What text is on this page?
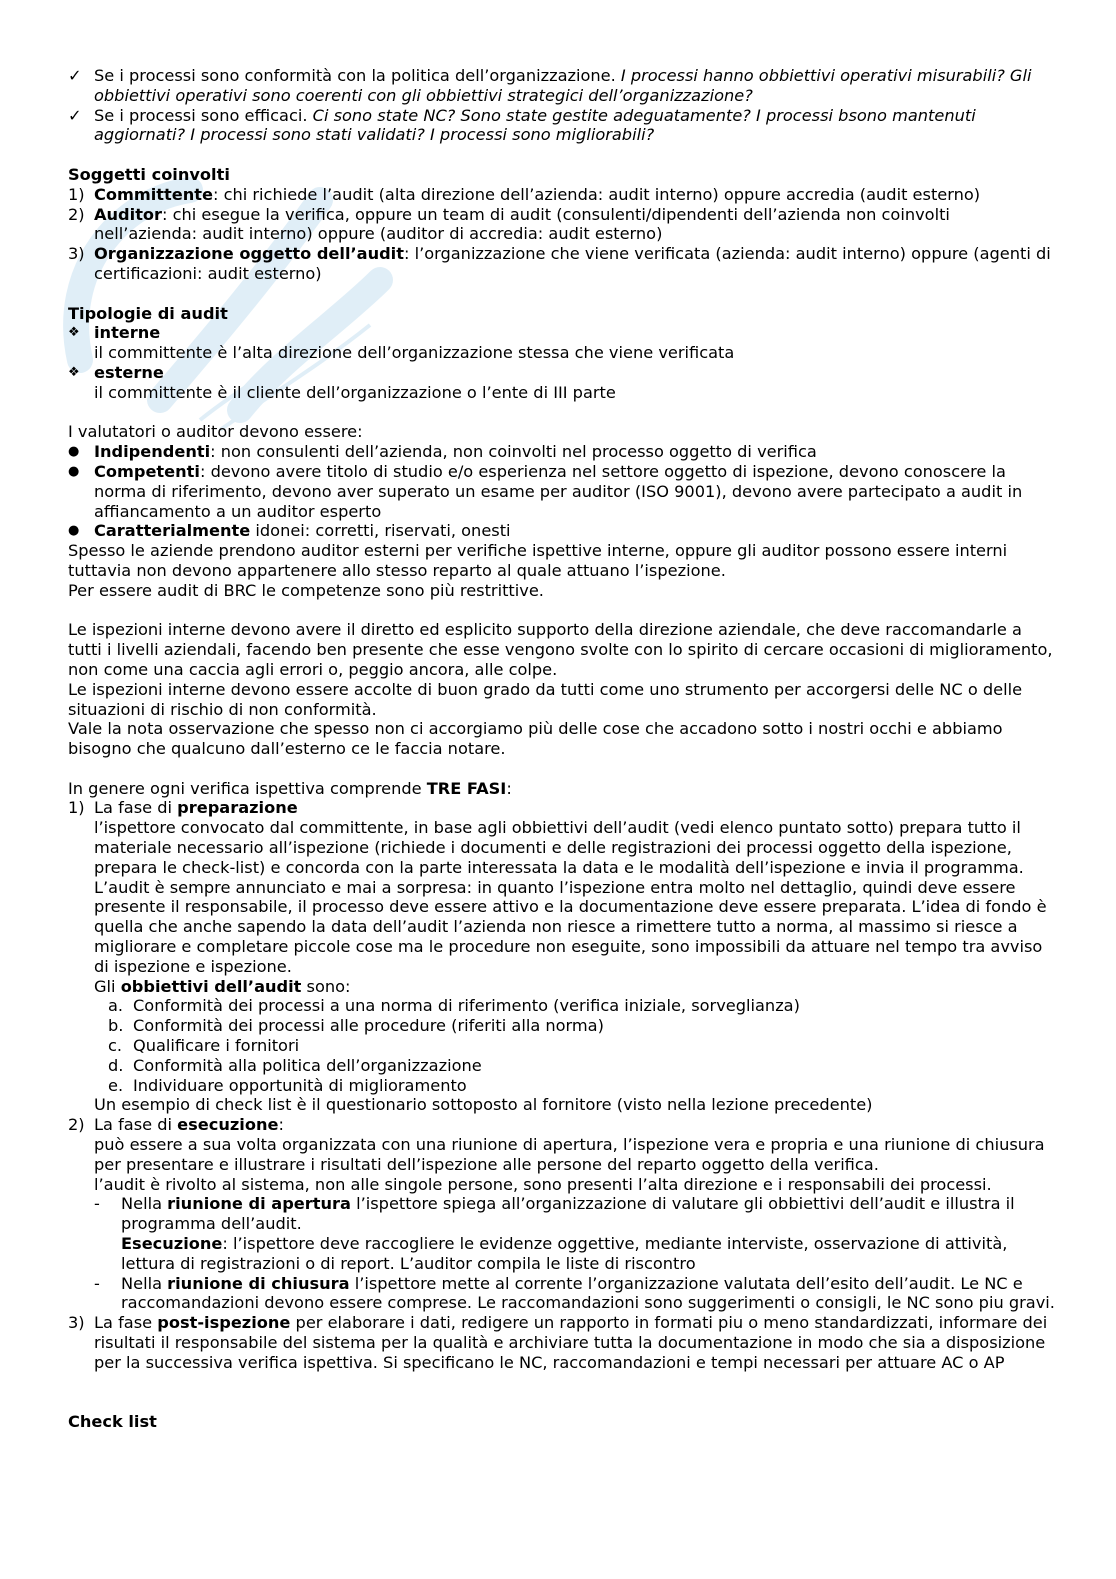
✓ Se i processi sono conformità con la politica dell’organizzazione. I processi hanno obbiettivi operativi misurabili? Gli obbiettivi operativi sono coerenti con gli obbiettivi strategici dell’organizzazione?

✓ Se i processi sono efficaci. Ci sono state NC? Sono state gestite adeguatamente? I processi bsono mantenuti aggiornati? I processi sono stati validati? I processi sono migliorabili?

Soggetti coinvolti

1) Committente: chi richiede l’audit (alta direzione dell’azienda: audit interno) oppure accredia (audit esterno)

2) Auditor: chi esegue la verifica, oppure un team di audit (consulenti/dipendenti dell’azienda non coinvolti nell’azienda: audit interno) oppure (auditor di accredia: audit esterno)

3) Organizzazione oggetto dell’audit: l’organizzazione che viene verificata (azienda: audit interno) oppure (agenti di certificazioni: audit esterno)

Tipologie di audit

❖ interne

il committente è l’alta direzione dell’organizzazione stessa che viene verificata

❖ esterne

il committente è il cliente dell’organizzazione o l’ente di III parte

I valutatori o auditor devono essere:

● Indipendenti: non consulenti dell’azienda, non coinvolti nel processo oggetto di verifica

● Competenti: devono avere titolo di studio e/o esperienza nel settore oggetto di ispezione, devono conoscere la norma di riferimento, devono aver superato un esame per auditor (ISO 9001), devono avere partecipato a audit in affiancamento a un auditor esperto

● Caratterialmente idonei: corretti, riservati, onesti

Spesso le aziende prendono auditor esterni per verifiche ispettive interne, oppure gli auditor possono essere interni tuttavia non devono appartenere allo stesso reparto al quale attuano l’ispezione.

Per essere audit di BRC le competenze sono più restrittive.

Le ispezioni interne devono avere il diretto ed esplicito supporto della direzione aziendale, che deve raccomandarle a tutti i livelli aziendali, facendo ben presente che esse vengono svolte con lo spirito di cercare occasioni di miglioramento, non come una caccia agli errori o, peggio ancora, alle colpe.

Le ispezioni interne devono essere accolte di buon grado da tutti come uno strumento per accorgersi delle NC o delle situazioni di rischio di non conformità.

Vale la nota osservazione che spesso non ci accorgiamo più delle cose che accadono sotto i nostri occhi e abbiamo bisogno che qualcuno dall’esterno ce le faccia notare.

In genere ogni verifica ispettiva comprende TRE FASI:

1) La fase di preparazione

l’ispettore convocato dal committente, in base agli obbiettivi dell’audit (vedi elenco puntato sotto) prepara tutto il materiale necessario all’ispezione (richiede i documenti e delle registrazioni dei processi oggetto della ispezione, prepara le check-list) e concorda con la parte interessata la data e le modalità dell’ispezione e invia il programma. L’audit è sempre annunciato e mai a sorpresa: in quanto l’ispezione entra molto nel dettaglio, quindi deve essere presente il responsabile, il processo deve essere attivo e la documentazione deve essere preparata. L’idea di fondo è quella che anche sapendo la data dell’audit l’azienda non riesce a rimettere tutto a norma, al massimo si riesce a migliorare e completare piccole cose ma le procedure non eseguite, sono impossibili da attuare nel tempo tra avviso di ispezione e ispezione.

Gli obbiettivi dell’audit sono:

a. Conformità dei processi a una norma di riferimento (verifica iniziale, sorveglianza)

b. Conformità dei processi alle procedure (riferiti alla norma)

c. Qualificare i fornitori

d. Conformità alla politica dell’organizzazione

e. Individuare opportunità di miglioramento

Un esempio di check list è il questionario sottoposto al fornitore (visto nella lezione precedente)

2) La fase di esecuzione:

può essere a sua volta organizzata con una riunione di apertura, l’ispezione vera e propria e una riunione di chiusura per presentare e illustrare i risultati dell’ispezione alle persone del reparto oggetto della verifica.

l’audit è rivolto al sistema, non alle singole persone, sono presenti l’alta direzione e i responsabili dei processi.

-	Nella riunione di apertura l’ispettore spiega all’organizzazione di valutare gli obbiettivi dell’audit e illustra il programma dell’audit.

Esecuzione: l’ispettore deve raccogliere le evidenze oggettive, mediante interviste, osservazione di attività, lettura di registrazioni o di report. L’auditor compila le liste di riscontro

-	Nella riunione di chiusura l’ispettore mette al corrente l’organizzazione valutata dell’esito dell’audit. Le NC e raccomandazioni devono essere comprese. Le raccomandazioni sono suggerimenti o consigli, le NC sono piu gravi.

3) La fase post-ispezione per elaborare i dati, redigere un rapporto in formati piu o meno standardizzati, informare dei risultati il responsabile del sistema per la qualità e archiviare tutta la documentazione in modo che sia a disposizione per la successiva verifica ispettiva. Si specificano le NC, raccomandazioni e tempi necessari per attuare AC o AP

Check list
